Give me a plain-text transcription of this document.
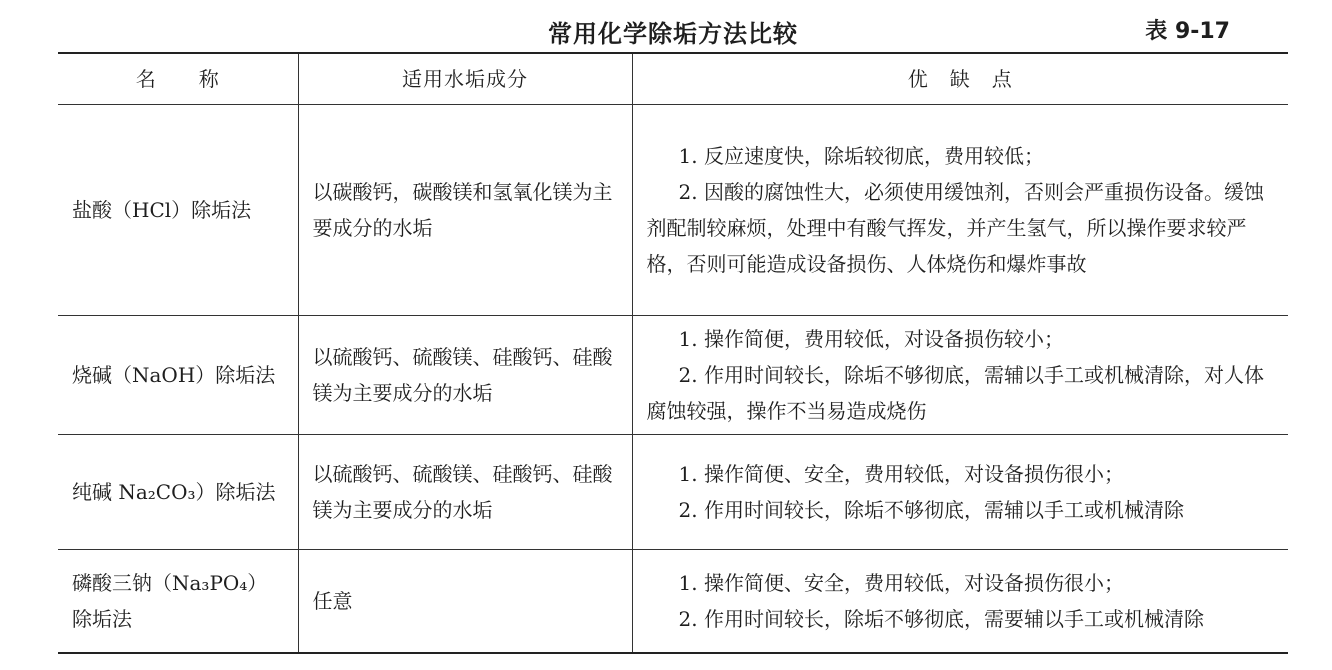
常用化学除垢方法比较	表 9-17
名　　称	适用水垢成分	优　缺　点
盐酸（HCl）除垢法	以碳酸钙，碳酸镁和氢氧化镁为主要成分的水垢	1. 反应速度快，除垢较彻底，费用较低；
2. 因酸的腐蚀性大，必须使用缓蚀剂，否则会严重损伤设备。缓蚀剂配制较麻烦，处理中有酸气挥发，并产生氢气，所以操作要求较严格，否则可能造成设备损伤、人体烧伤和爆炸事故

烧碱（NaOH）除垢法	以硫酸钙、硫酸镁、硅酸钙、硅酸镁为主要成分的水垢	1. 操作简便，费用较低，对设备损伤较小；
2. 作用时间较长，除垢不够彻底，需辅以手工或机械清除，对人体腐蚀较强，操作不当易造成烧伤

纯碱 Na₂CO₃）除垢法	以硫酸钙、硫酸镁、硅酸钙、硅酸镁为主要成分的水垢	1. 操作简便、安全，费用较低，对设备损伤很小；
2. 作用时间较长，除垢不够彻底，需辅以手工或机械清除

磷酸三钠（Na₃PO₄）除垢法	任意	1. 操作简便、安全，费用较低，对设备损伤很小；
2. 作用时间较长，除垢不够彻底，需要辅以手工或机械清除
